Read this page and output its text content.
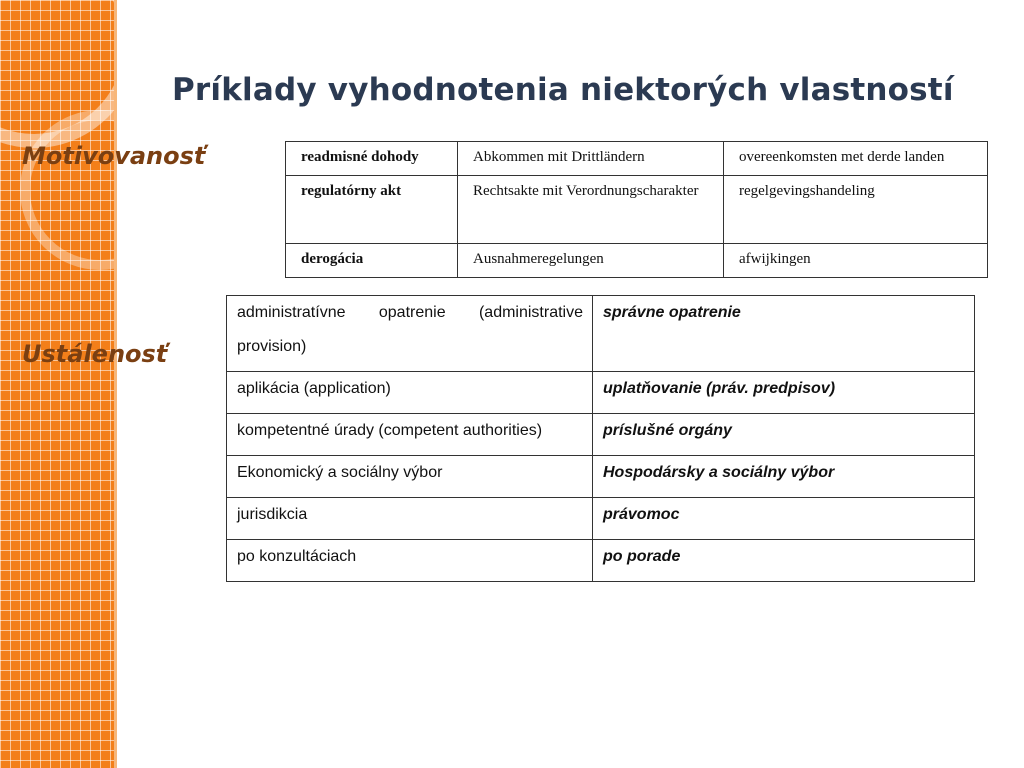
Príklady vyhodnotenia niektorých vlastností
Motivovanosť
Ustálenosť
readmisné dohody	Abkommen mit Drittländern	overeenkomsten met derde landen

regulatórny akt	Rechtsakte mit Verordnungscharakter	regelgevingshandeling

derogácia	Ausnahmeregelungen	afwijkingen
administratívne opatrenie (administrative provision)	správne opatrenie

aplikácia (application)	uplatňovanie (práv. predpisov)

kompetentné úrady (competent authorities)	príslušné orgány

Ekonomický a sociálny výbor	Hospodársky a sociálny výbor

jurisdikcia	právomoc

po konzultáciach	po porade
